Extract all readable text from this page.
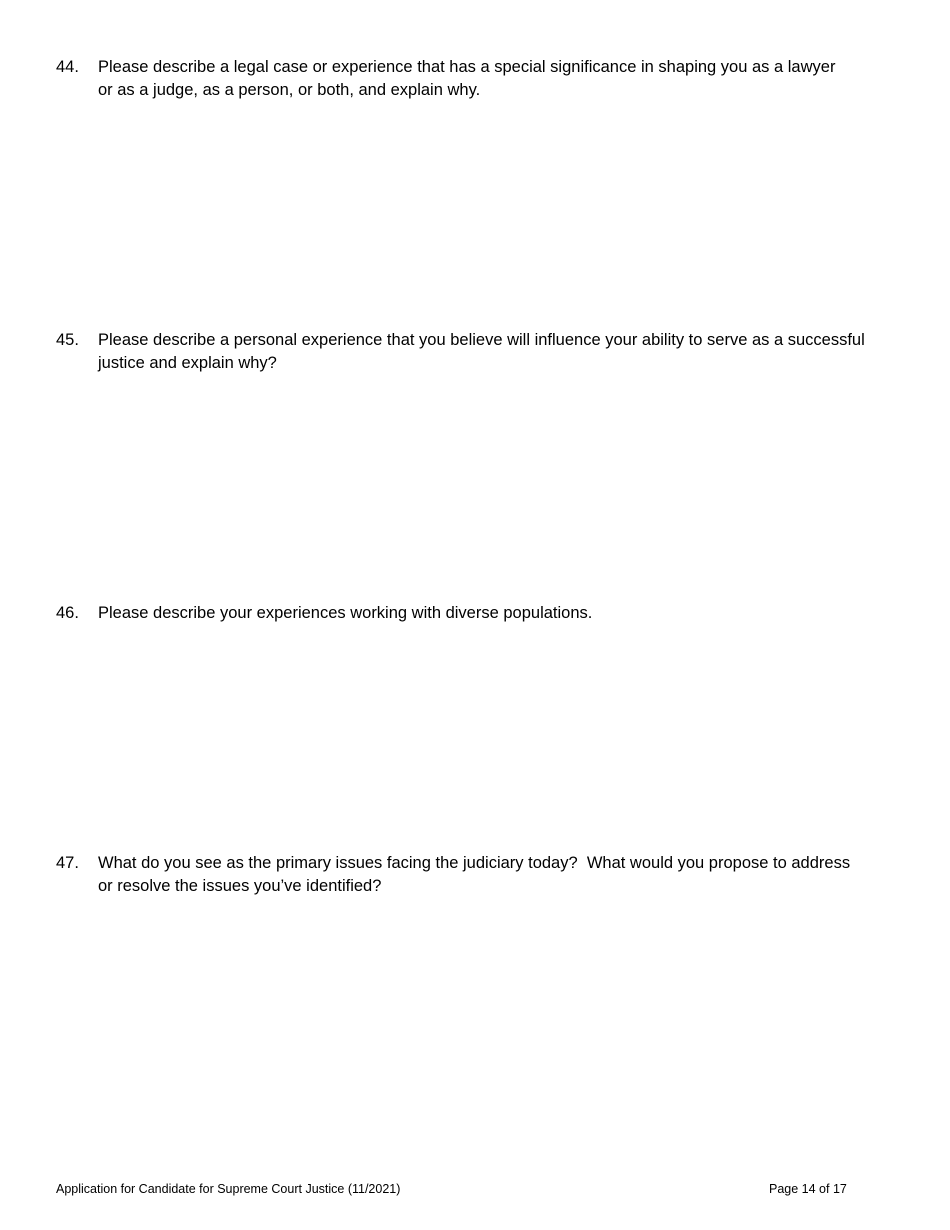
44.	Please describe a legal case or experience that has a special significance in shaping you as a lawyer
or as a judge, as a person, or both, and explain why.
45.	Please describe a personal experience that you believe will influence your ability to serve as a successful
justice and explain why?
46.	Please describe your experiences working with diverse populations.
47.	What do you see as the primary issues facing the judiciary today?  What would you propose to address
or resolve the issues you’ve identified?
Application for Candidate for Supreme Court Justice (11/2021)	Page 14 of 17
